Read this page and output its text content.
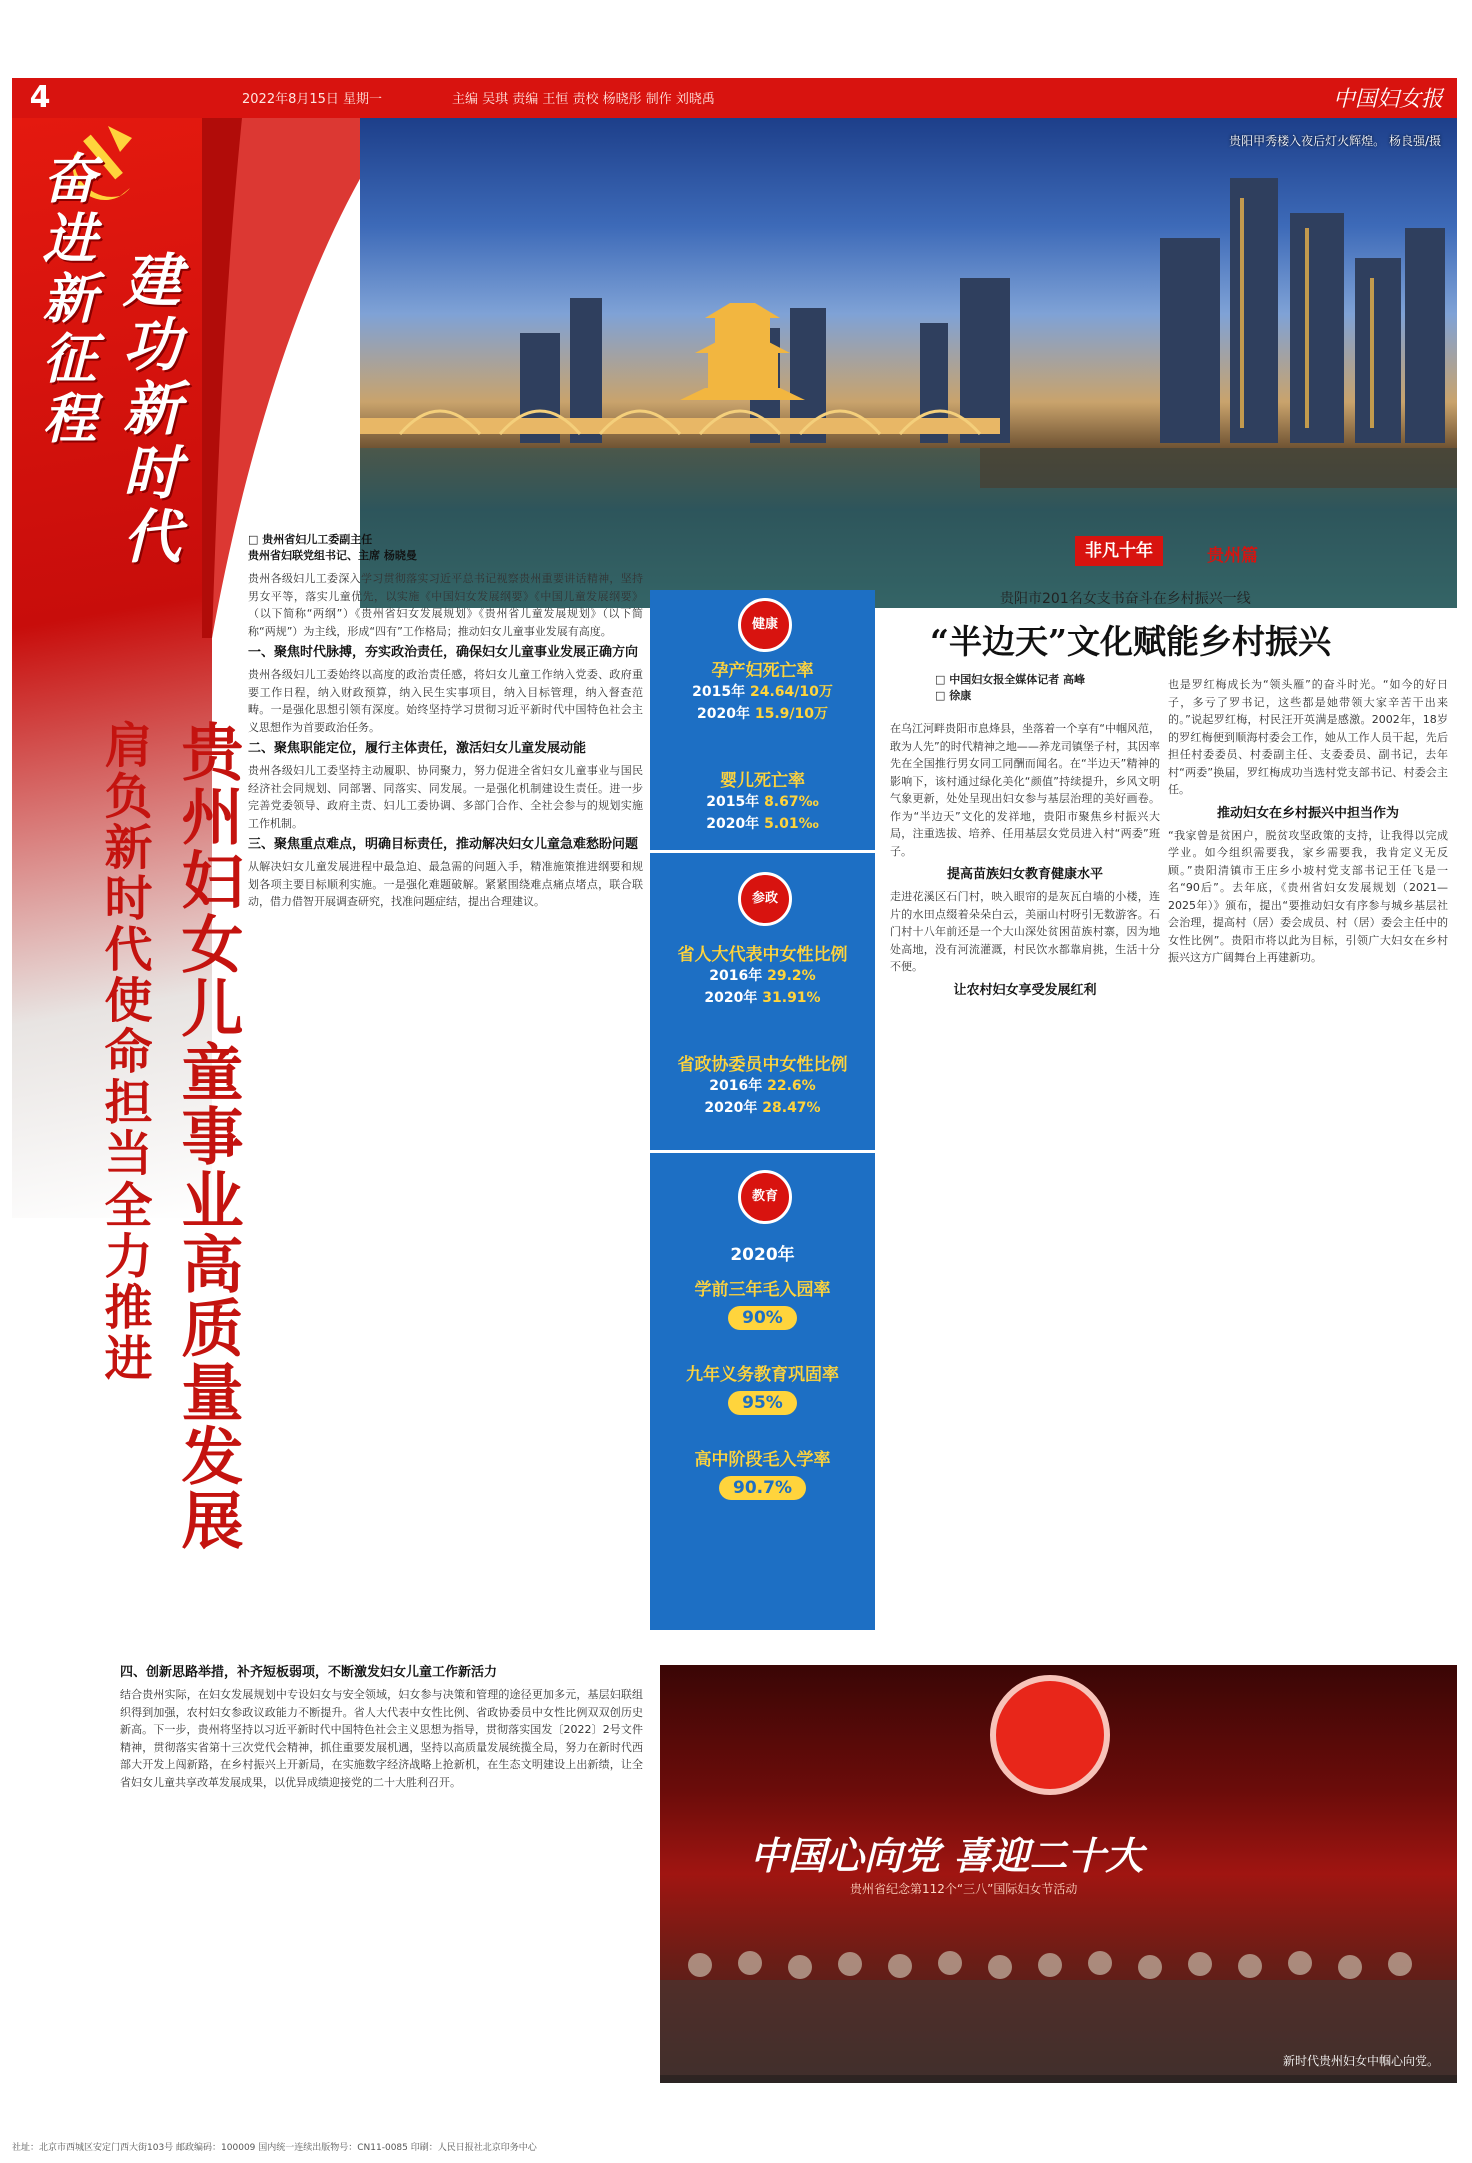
4	2022年8月15日 星期一	主编 吴琪 责编 王恒 责校 杨晓彤 制作 刘晓禹	中国妇女报
奋进新征程 建功新时代
贵阳甲秀楼入夜后灯火辉煌。 杨良强/摄
贵州妇女儿童事业高质量发展
肩负新时代使命担当
全力推进
□ 贵州省妇儿工委副主任
贵州省妇联党组书记、主席 杨晓曼

贵州各级妇儿工委深入学习贯彻落实习近平总书记视察贵州重要讲话精神，坚持男女平等，落实儿童优先，以实施《中国妇女发展纲要》《中国儿童发展纲要》（以下简称“两纲”）《贵州省妇女发展规划》《贵州省儿童发展规划》（以下简称“两规”）为主线，形成“四有”工作格局；推动妇女儿童事业发展有高度。

一、聚焦时代脉搏，夯实政治责任，确保妇女儿童事业发展正确方向

贵州各级妇儿工委始终以高度的政治责任感，将妇女儿童工作纳入党委、政府重要工作日程，纳入财政预算，纳入民生实事项目，纳入目标管理，纳入督查范畴。一是强化思想引领有深度。始终坚持学习贯彻习近平新时代中国特色社会主义思想作为首要政治任务。

二、聚焦职能定位，履行主体责任，激活妇女儿童发展动能

贵州各级妇儿工委坚持主动履职、协同聚力，努力促进全省妇女儿童事业与国民经济社会同规划、同部署、同落实、同发展。一是强化机制建设生责任。进一步完善党委领导、政府主责、妇儿工委协调、多部门合作、全社会参与的规划实施工作机制。

三、聚焦重点难点，明确目标责任，推动解决妇女儿童急难愁盼问题

从解决妇女儿童发展进程中最急迫、最急需的问题入手，精准施策推进纲要和规划各项主要目标顺利实施。一是强化难题破解。紧紧围绕难点痛点堵点，联合联动，借力借智开展调查研究，找准问题症结，提出合理建议。

四、创新思路举措，补齐短板弱项，不断激发妇女儿童工作新活力

结合贵州实际，在妇女发展规划中专设妇女与安全领域，妇女参与决策和管理的途径更加多元，基层妇联组织得到加强，农村妇女参政议政能力不断提升。省人大代表中女性比例、省政协委员中女性比例双双创历史新高。下一步，贵州将坚持以习近平新时代中国特色社会主义思想为指导，贯彻落实国发〔2022〕2号文件精神，贯彻落实省第十三次党代会精神，抓住重要发展机遇，坚持以高质量发展统揽全局，努力在新时代西部大开发上闯新路，在乡村振兴上开新局，在实施数字经济战略上抢新机，在生态文明建设上出新绩，让全省妇女儿童共享改革发展成果，以优异成绩迎接党的二十大胜利召开。

健康
孕产妇死亡率
2015年 24.64/10万
2020年 15.9/10万
婴儿死亡率
2015年 8.67‰
2020年 5.01‰
参政
省人大代表中女性比例
2016年 29.2%
2020年 31.91%
省政协委员中女性比例
2016年 22.6%
2020年 28.47%
教育
2020年
学前三年毛入园率
90%
九年义务教育巩固率
95%
高中阶段毛入学率
90.7%
非凡十年	贵州篇
贵阳市201名女支书奋斗在乡村振兴一线
“半边天”文化赋能乡村振兴
□ 中国妇女报全媒体记者 高峰
□ 徐康

在乌江河畔贵阳市息烽县，坐落着一个享有“中帼风范，敢为人先”的时代精神之地——养龙司镇堡子村，其因率先在全国推行男女同工同酬而闻名。在“半边天”精神的影响下，该村通过绿化美化“颜值”持续提升，乡风文明气象更新，处处呈现出妇女参与基层治理的美好画卷。作为“半边天”文化的发祥地，贵阳市聚焦乡村振兴大局，注重选拔、培养、任用基层女党员进入村“两委”班子。

提高苗族妇女教育健康水平

走进花溪区石门村，映入眼帘的是灰瓦白墙的小楼，连片的水田点缀着朵朵白云，美丽山村呀引无数游客。石门村十八年前还是一个大山深处贫困苗族村寨，因为地处高地，没有河流灌溉，村民饮水都靠肩挑，生活十分不便。

让农村妇女享受发展红利

也是罗红梅成长为“领头雁”的奋斗时光。“如今的好日子，多亏了罗书记，这些都是她带领大家辛苦干出来的。”说起罗红梅，村民汪开英满是感激。2002年，18岁的罗红梅便到顺海村委会工作，她从工作人员干起，先后担任村委委员、村委副主任、支委委员、副书记，去年村“两委”换届，罗红梅成功当选村党支部书记、村委会主任。

推动妇女在乡村振兴中担当作为

“我家曾是贫困户，脱贫攻坚政策的支持，让我得以完成学业。如今组织需要我，家乡需要我，我肯定义无反顾。”贵阳清镇市王庄乡小坡村党支部书记王任飞是一名“90后”。去年底，《贵州省妇女发展规划（2021—2025年）》颁布，提出“要推动妇女有序参与城乡基层社会治理，提高村（居）委会成员、村（居）委会主任中的女性比例”。贵阳市将以此为目标，引领广大妇女在乡村振兴这方广阔舞台上再建新功。

中国心向党 喜迎二十大
贵州省纪念第112个“三八”国际妇女节活动
新时代贵州妇女中帼心向党。
社址：北京市西城区安定门西大街103号 邮政编码：100009 国内统一连续出版物号：CN11-0085 印刷：人民日报社北京印务中心
